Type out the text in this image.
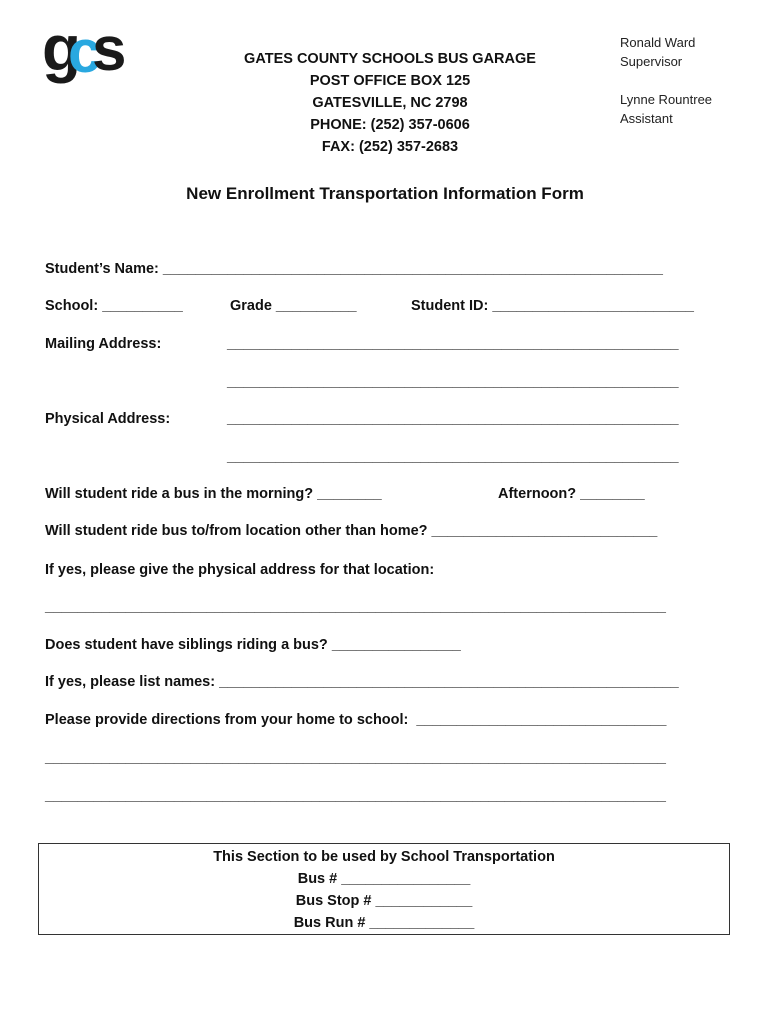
g
c
s	GATES COUNTY SCHOOLS BUS GARAGE
POST OFFICE BOX 125
GATESVILLE, NC 2798
PHONE: (252) 357-0606
FAX: (252) 357-2683
Ronald Ward
Supervisor
Lynne Rountree
Assistant
New Enrollment Transportation Information Form
Student’s Name: ______________________________________________________________
School: __________	Grade __________	Student ID: _________________________
Mailing Address:	________________________________________________________
________________________________________________________
Physical Address:	________________________________________________________
________________________________________________________
Will student ride a bus in the morning? ________	Afternoon? ________
Will student ride bus to/from location other than home? ____________________________
If yes, please give the physical address for that location:
_____________________________________________________________________________
Does student have siblings riding a bus? ________________
If yes, please list names: _________________________________________________________
Please provide directions from your home to school:  _______________________________
_____________________________________________________________________________
_____________________________________________________________________________
This Section to be used by School Transportation
Bus # ________________
Bus Stop # ____________
Bus Run # _____________
